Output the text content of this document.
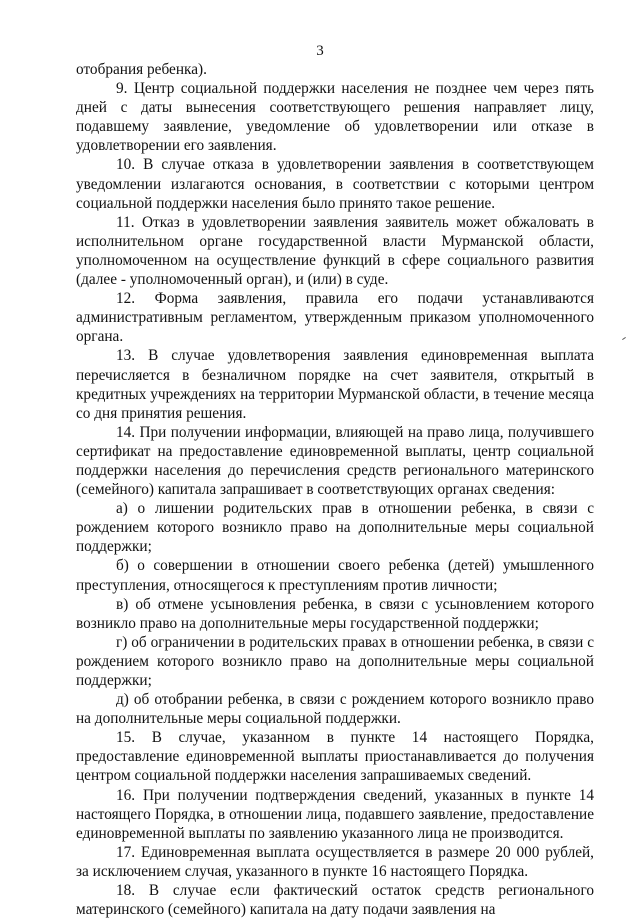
3

отобрания ребенка).

9. Центр социальной поддержки населения не позднее чем через пять дней с даты вынесения соответствующего решения направляет лицу, подавшему заявление, уведомление об удовлетворении или отказе в удовлетворении его заявления.

10. В случае отказа в удовлетворении заявления в соответствующем уведомлении излагаются основания, в соответствии с которыми центром социальной поддержки населения было принято такое решение.

11. Отказ в удовлетворении заявления заявитель может обжаловать в исполнительном органе государственной власти Мурманской области, уполномоченном на осуществление функций в сфере социального развития (далее - уполномоченный орган), и (или) в суде.

12. Форма заявления, правила его подачи устанавливаются административным регламентом, утвержденным приказом уполномоченного органа.

13. В случае удовлетворения заявления единовременная выплата перечисляется в безналичном порядке на счет заявителя, открытый в кредитных учреждениях на территории Мурманской области, в течение месяца со дня принятия решения.

14. При получении информации, влияющей на право лица, получившего сертификат на предоставление единовременной выплаты, центр социальной поддержки населения до перечисления средств регионального материнского (семейного) капитала запрашивает в соответствующих органах сведения:

а) о лишении родительских прав в отношении ребенка, в связи с рождением которого возникло право на дополнительные меры социальной поддержки;

б) о совершении в отношении своего ребенка (детей) умышленного преступления, относящегося к преступлениям против личности;

в) об отмене усыновления ребенка, в связи с усыновлением которого возникло право на дополнительные меры государственной поддержки;

г) об ограничении в родительских правах в отношении ребенка, в связи с рождением которого возникло право на дополнительные меры социальной поддержки;

д) об отобрании ребенка, в связи с рождением которого возникло право на дополнительные меры социальной поддержки.

15. В случае, указанном в пункте 14 настоящего Порядка, предоставление единовременной выплаты приостанавливается до получения центром социальной поддержки населения запрашиваемых сведений.

16. При получении подтверждения сведений, указанных в пункте 14 настоящего Порядка, в отношении лица, подавшего заявление, предоставление единовременной выплаты по заявлению указанного лица не производится.

17. Единовременная выплата осуществляется в размере 20 000 рублей, за исключением случая, указанного в пункте 16 настоящего Порядка.

18. В случае если фактический остаток средств регионального материнского (семейного) капитала на дату подачи заявления на
